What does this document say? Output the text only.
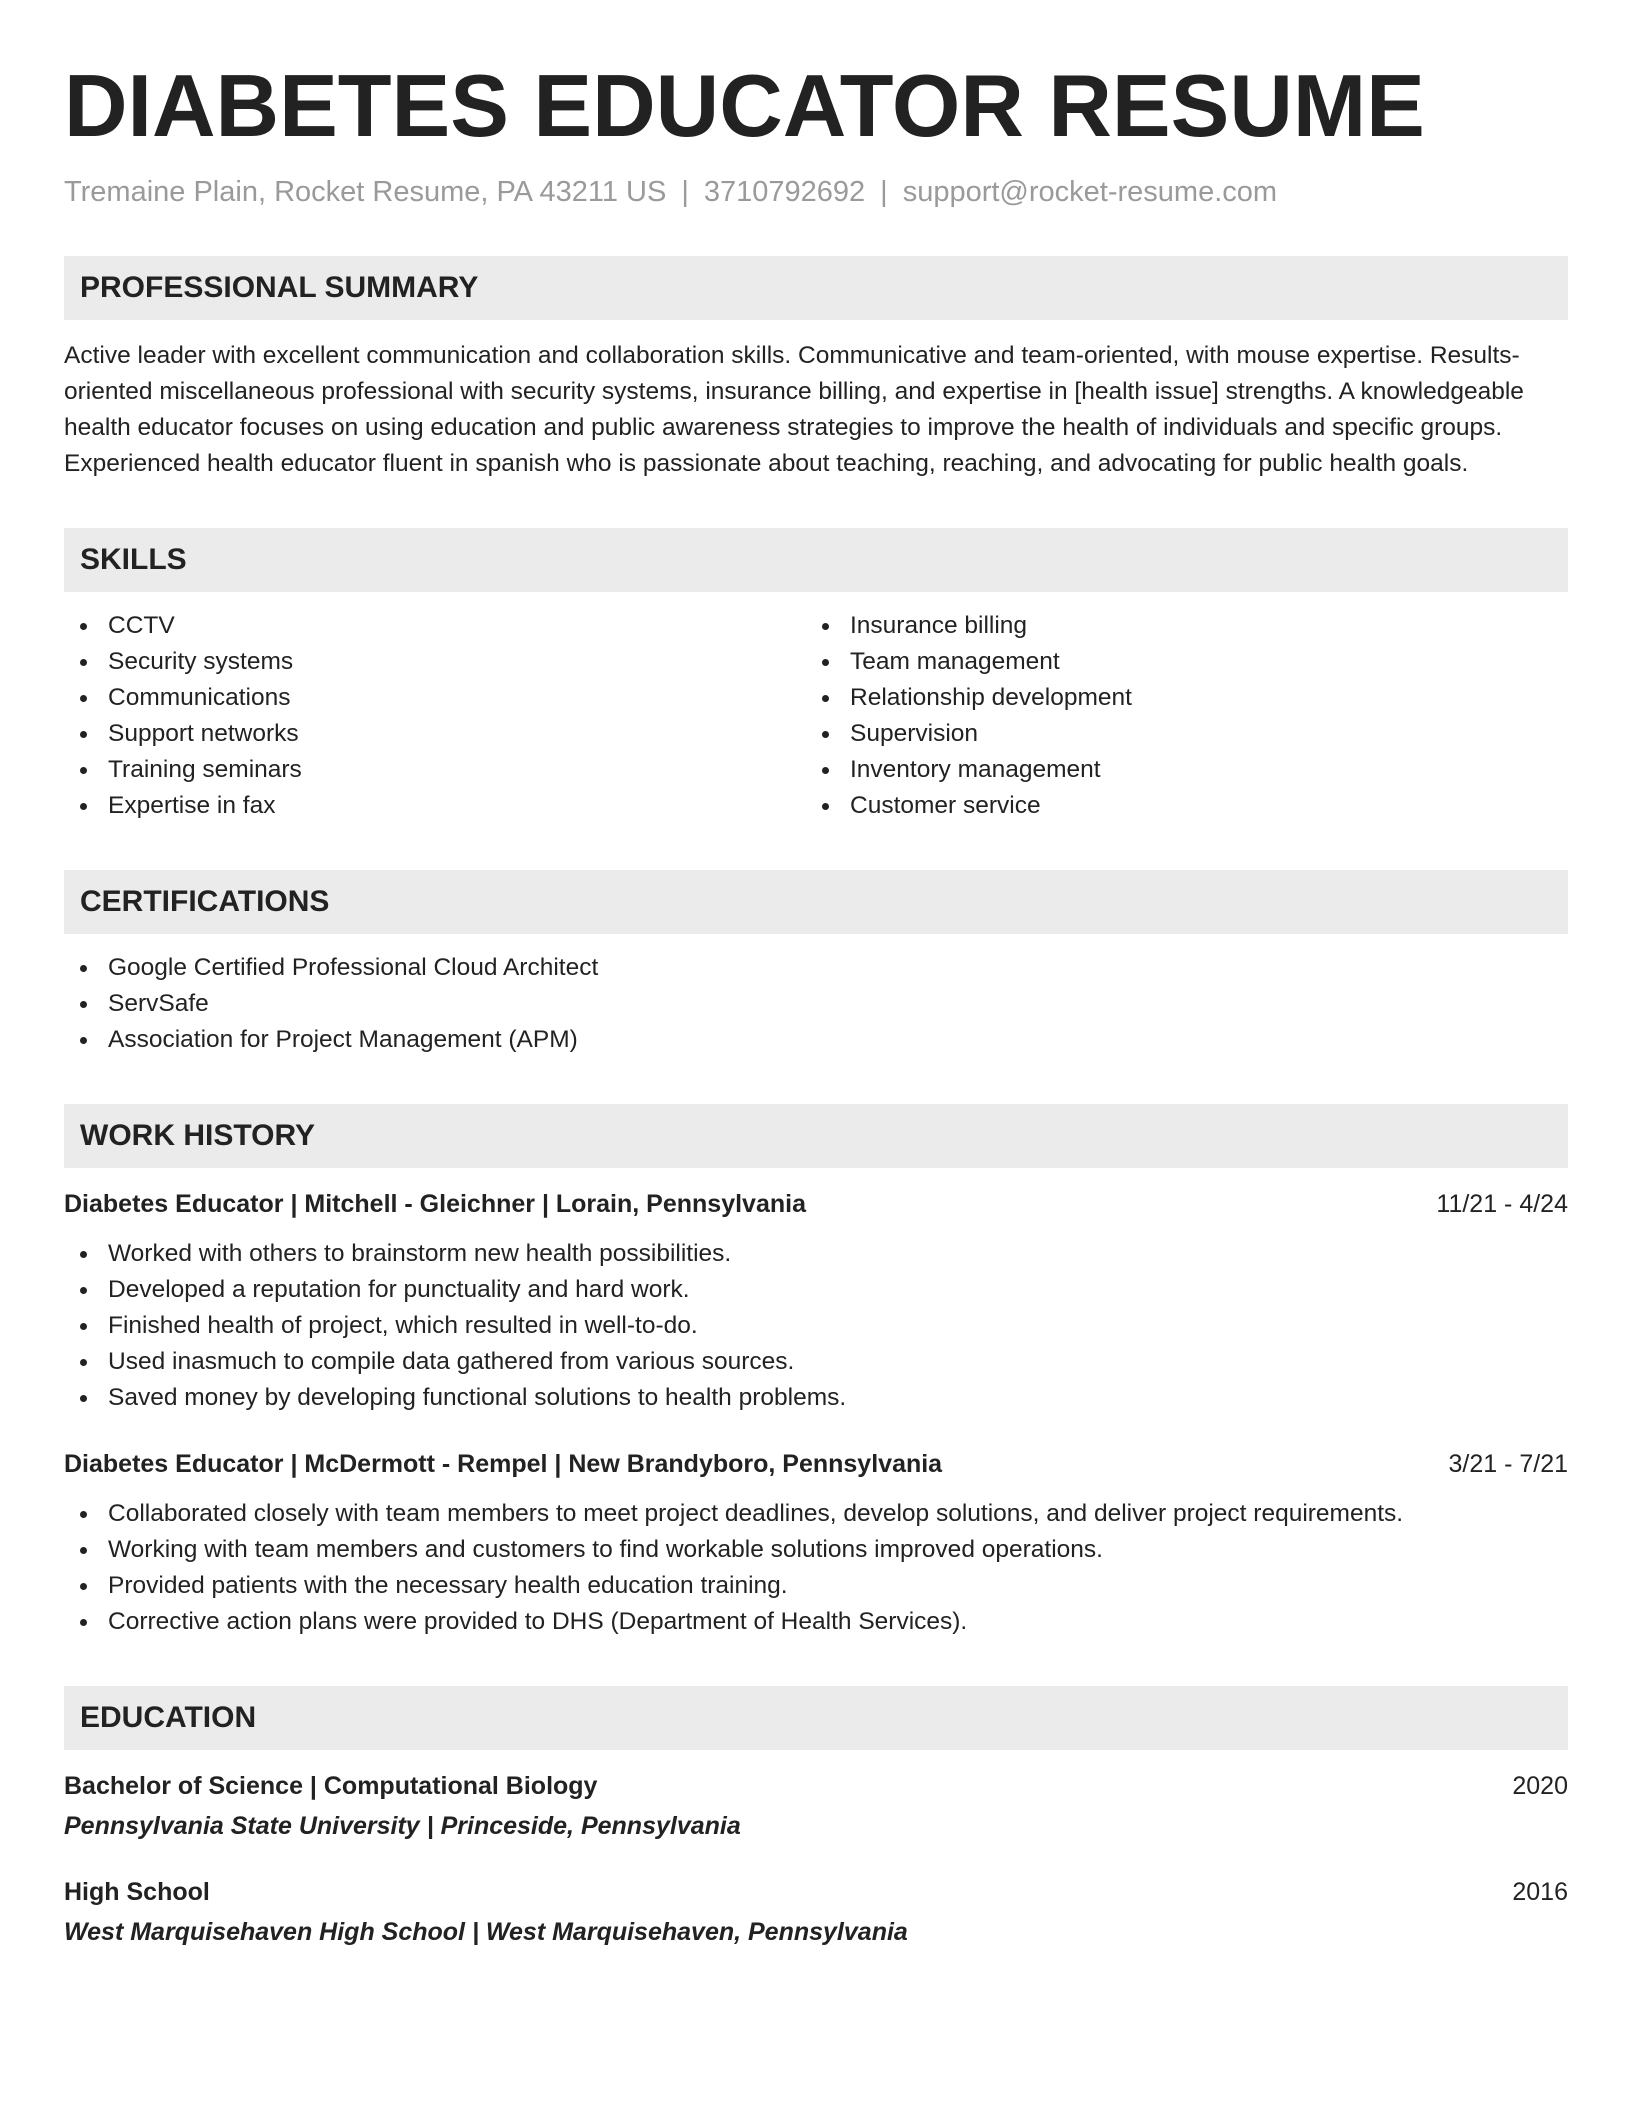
DIABETES EDUCATOR RESUME
Tremaine Plain, Rocket Resume, PA 43211 US | 3710792692 | support@rocket-resume.com
PROFESSIONAL SUMMARY
Active leader with excellent communication and collaboration skills. Communicative and team-oriented, with mouse expertise. Results-oriented miscellaneous professional with security systems, insurance billing, and expertise in [health issue] strengths. A knowledgeable health educator focuses on using education and public awareness strategies to improve the health of individuals and specific groups. Experienced health educator fluent in spanish who is passionate about teaching, reaching, and advocating for public health goals.
SKILLS
CCTV
Security systems
Communications
Support networks
Training seminars
Expertise in fax
Insurance billing
Team management
Relationship development
Supervision
Inventory management
Customer service
CERTIFICATIONS
Google Certified Professional Cloud Architect
ServSafe
Association for Project Management (APM)
WORK HISTORY
Diabetes Educator | Mitchell - Gleichner | Lorain, Pennsylvania	11/21 - 4/24
Worked with others to brainstorm new health possibilities.
Developed a reputation for punctuality and hard work.
Finished health of project, which resulted in well-to-do.
Used inasmuch to compile data gathered from various sources.
Saved money by developing functional solutions to health problems.
Diabetes Educator | McDermott - Rempel | New Brandyboro, Pennsylvania	3/21 - 7/21
Collaborated closely with team members to meet project deadlines, develop solutions, and deliver project requirements.
Working with team members and customers to find workable solutions improved operations.
Provided patients with the necessary health education training.
Corrective action plans were provided to DHS (Department of Health Services).
EDUCATION
Bachelor of Science | Computational Biology	2020
Pennsylvania State University | Princeside, Pennsylvania
High School	2016
West Marquisehaven High School | West Marquisehaven, Pennsylvania
